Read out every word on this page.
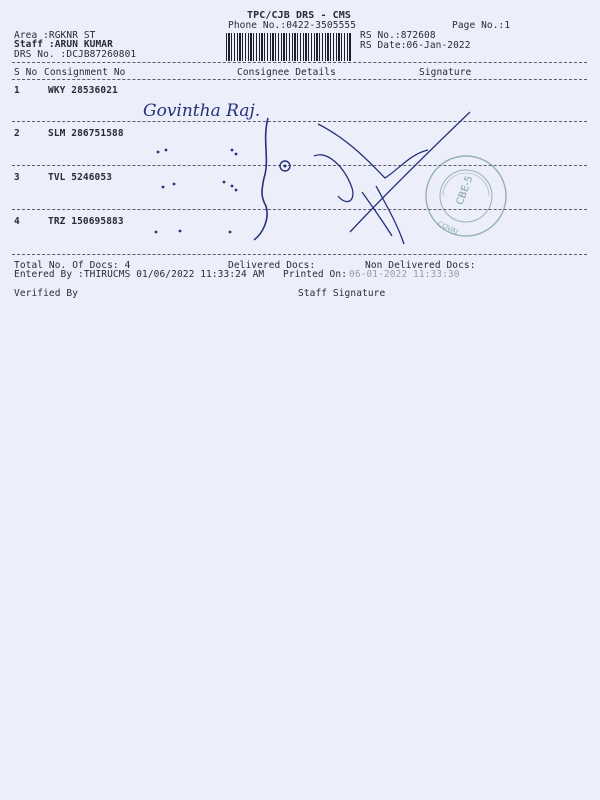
TPC/CJB DRS - CMS
Phone No.:0422-3505555	Page No.:1
Area :RGKNR ST
Staff :ARUN KUMAR
DRS No. :DCJB87260801
RS No.:872608
RS Date:06-Jan-2022
S No Consignment No	Consignee Details	Signature
1	WKY 28536021
2	SLM 286751588
3	TVL 5246053
4	TRZ 150695883
Govintha Raj.
CBE-5
COVAI
Total No. Of Docs: 4	Delivered Docs:	Non Delivered Docs:
Entered By :THIRUCMS 01/06/2022 11:33:24 AM Printed On: 06-01-2022 11:33:30
Verified By	Staff Signature
